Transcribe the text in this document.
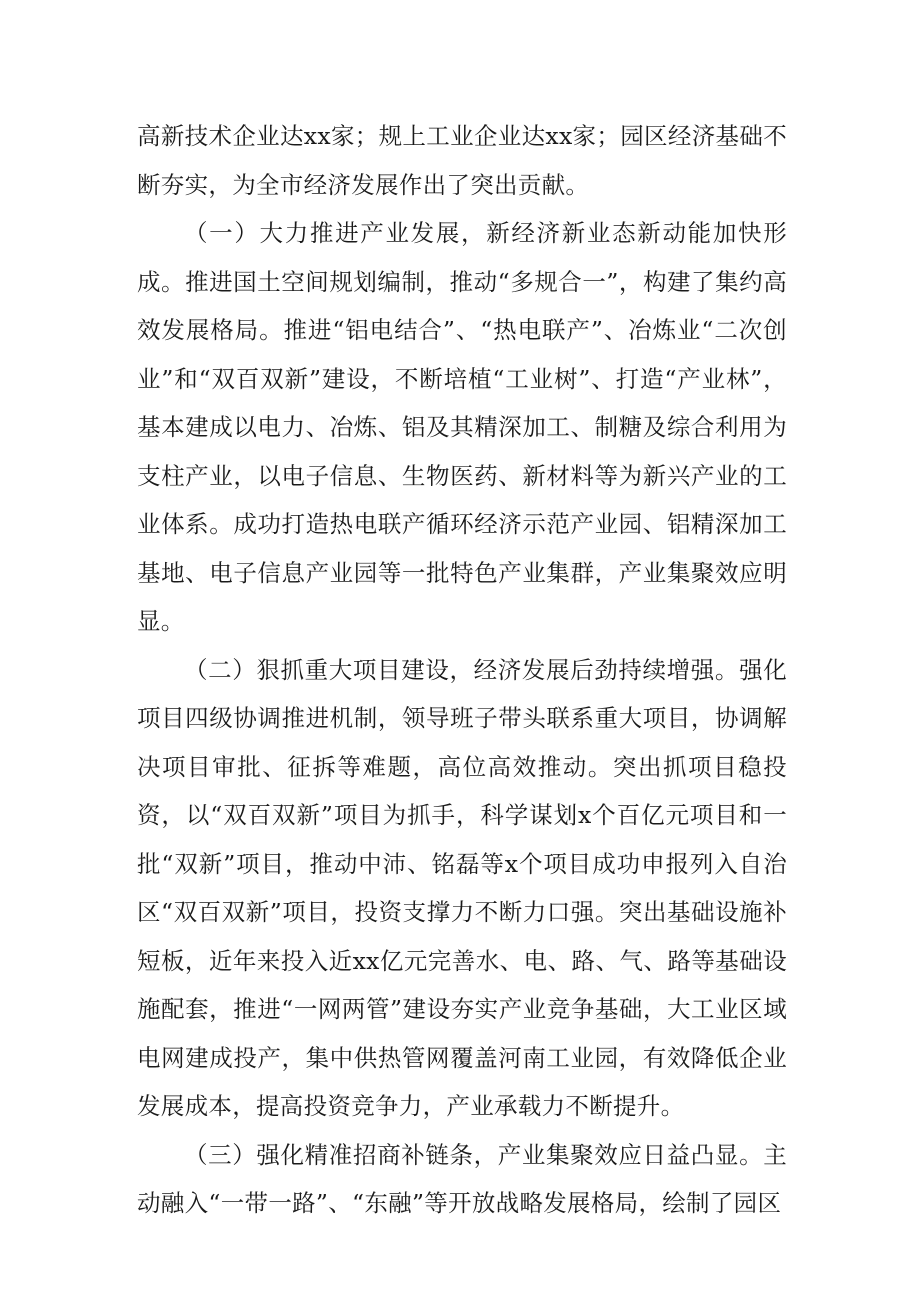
高新技术企业达xx家；规上工业企业达xx家；园区经济基础不断夯实，为全市经济发展作出了突出贡献。

（一）大力推进产业发展，新经济新业态新动能加快形成。推进国土空间规划编制，推动“多规合一”，构建了集约高效发展格局。推进“铝电结合”、“热电联产”、冶炼业“二次创业”和“双百双新”建设，不断培植“工业树”、打造“产业林”，基本建成以电力、冶炼、铝及其精深加工、制糖及综合利用为支柱产业，以电子信息、生物医药、新材料等为新兴产业的工业体系。成功打造热电联产循环经济示范产业园、铝精深加工基地、电子信息产业园等一批特色产业集群，产业集聚效应明显。

（二）狠抓重大项目建设，经济发展后劲持续增强。强化项目四级协调推进机制，领导班子带头联系重大项目，协调解决项目审批、征拆等难题，高位高效推动。突出抓项目稳投资，以“双百双新”项目为抓手，科学谋划x个百亿元项目和一批“双新”项目，推动中沛、铭磊等x个项目成功申报列入自治区“双百双新”项目，投资支撑力不断力口强。突出基础设施补短板，近年来投入近xx亿元完善水、电、路、气、路等基础设施配套，推进“一网两管”建设夯实产业竞争基础，大工业区域电网建成投产，集中供热管网覆盖河南工业园，有效降低企业发展成本，提高投资竞争力，产业承载力不断提升。

（三）强化精准招商补链条，产业集聚效应日益凸显。主动融入“一带一路”、“东融”等开放战略发展格局，绘制了园区
